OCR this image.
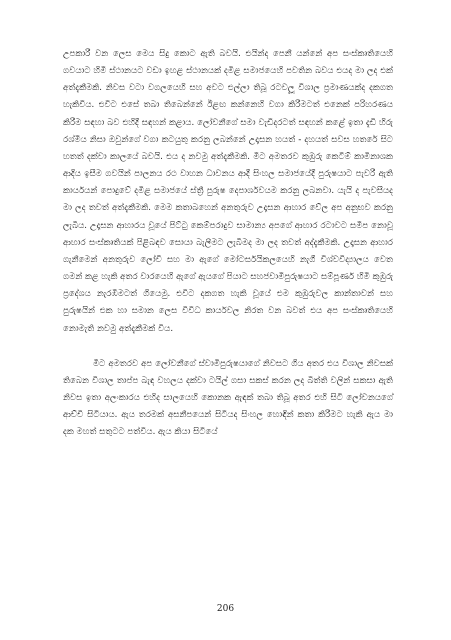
උපකාරී වන ලෙස මෙය සිදු කොට ඇති බවයි. එයින්ද පෙනී යන්නේ අප සංස්කෘතියෙහි ගවයාට හිමි ස්ථානයට වඩා ඉහළ ස්ථානයක් දමිළ සමාජයෙහි පවතින බවය එයද මා ලද එක් අත්දැකීමකි. නිවස වටා වගලයෙහි සහ අවට එල්ලා තිබූ රටවලූ විශාල ප්‍රමාණයක්ද දකගත හැකිවිය. එවිට එසේ තබා තිබෙන්නේ ඊළඟ කන්නෙහි වගා කිරීමටත් එනෙක් පරිහරණය කිරීම සඳහා බව එහිදී සඳහන් කළාය. ලෝවනීගේ සමා වැඩිදරටත් සඳහන් කළේ ඉතා දැඩි හිරු රශ්මිය නිසා ඔවුන්ගේ වගා කටයුතු කරනු ලබන්නේ උදෑසන හයත් - දහයත් සවස හතරේ සිට හතත් දක්වා කාලයේ බවයි. එය ද නවමු අත්දැකීමකි. මීට අමතරව කුඹුරු කෙටීම් කාමිනාශක ආදිය ඉසීම ගවයින් පාලනය රථ වාහන ධාවනය ආදී සිංහල සමාජයේදී පුරුෂයාට පැවරී ඇති කාර්යයන් පොදුවේ දමිළ සමාජයේ ස්ත්‍රී පුරුෂ දෙපාර්ශවයම කරනු ලබනවා. යැයි ද පැවසීයද මා ලද තවත් අත්දැකීමකි. මෙම කතාබහෙන් අනතුරුව උදෑසන ආහාර වේල අප අනුභව කරනු ලැබීය. උදෑසන ආහාරය වූයේ පිට්ටු කෙම්පරාදුව සාමාන්‍ය අපගේ ආහාර රටාවට සමීප නොවූ ආහාර සංස්කෘතියක් පිළිබඳව සොයා බැලීමට ලැබීමද මා ලද තවත් අද්දැකීමකි. උදෑසන ආහාර ගැනීමෙන් අනතුරුව ලෝවී සහ මා ඇගේ මෝටර්සයිකලයෙහි නැගී විශ්වවිද්‍යාලය වෙත ගමන් කළ හැකි අතර වාරයෙහි ඇගේ ඇයගේ පියාට සහජවාමිපුරුෂයාට සම්පූර්ණ හිමි කුඹුරු ප්‍රදේශය නැරඹීමටත් ගියෙමු. එවිට දකගත හැකි වූයේ එම කුඹුරුවල කාන්තාවන් සහ පුරුෂයින් එක හා සමාන ලෙස විවිධ කාර්යවල නිරත වන බවත් එය අප සංස්කෘතියෙහි නොමැති නවමු අත්දැකීමක් විය.

මීට අමතරව අප ලෝවනීගේ ස්වාමිපුරුෂයාගේ නිවසට ගිය අතර එය විශාල නිවසක් තිබෙන විශාල තාප්ප බැඳ වහලය දක්වා ටයිල් ගසා සකස් කරන ලද බිත්ති වලින් සකසා ඇති නිවස ඉතා අලංකාරය එහිද සාලයෙහි කොනක ඇඳක් තබා තිබූ අතර එහි සිටි ලෝවනයගේ ආච්චි සිටියාය. ඇය තරමක් අසනීපයෙන් සිටියද සිංහල හොඳින් කතා කිරීමට හැකි ඇය මා දක මහත් සතුටට පත්විය. ඇය කියා සිටියේ

206
